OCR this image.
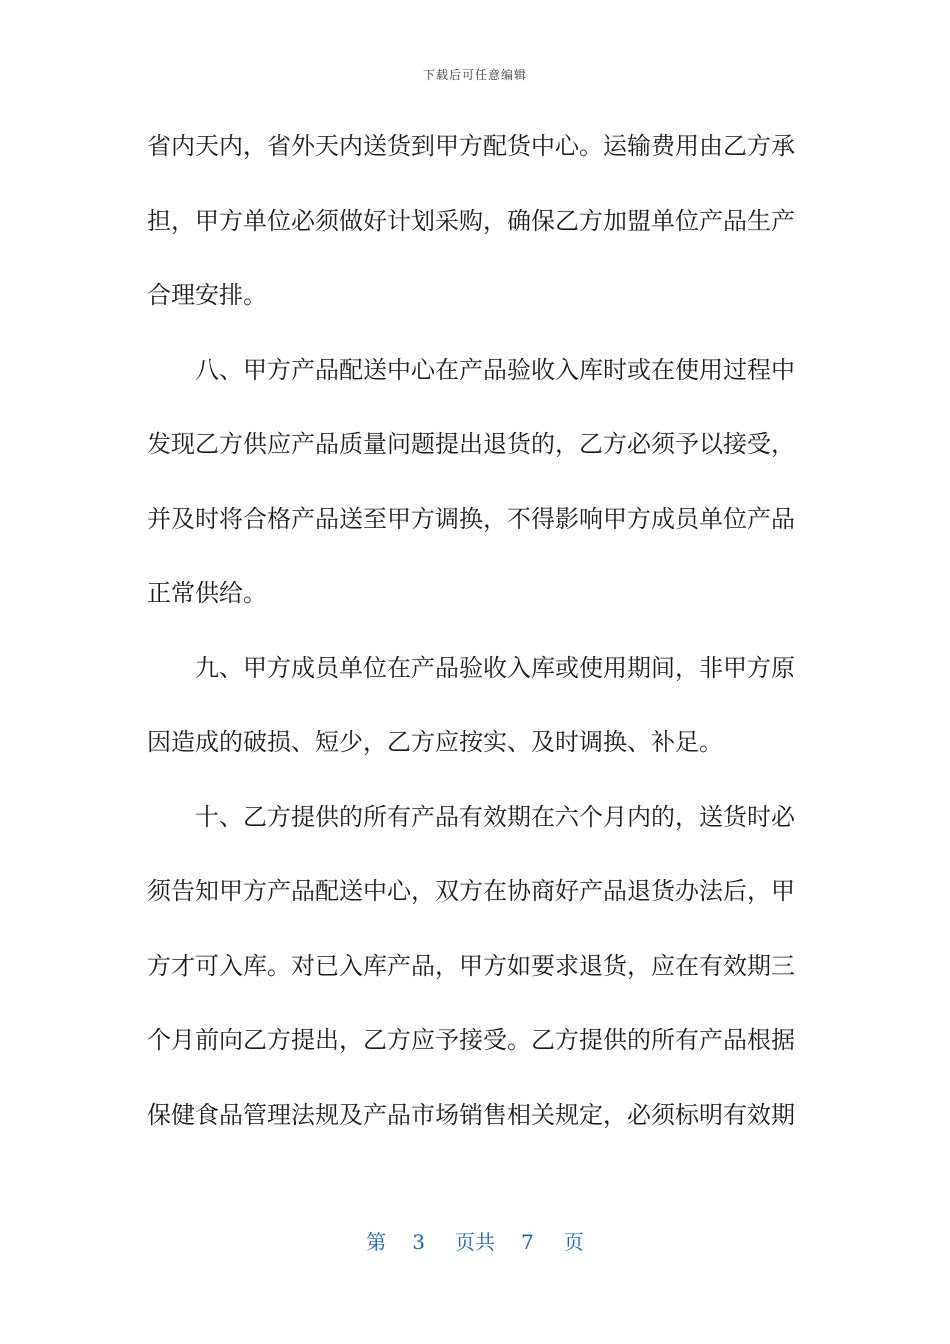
下载后可任意编辑
省内天内，省外天内送货到甲方配货中心。运输费用由乙方承
担，甲方单位必须做好计划采购，确保乙方加盟单位产品生产
合理安排。
八、甲方产品配送中心在产品验收入库时或在使用过程中
发现乙方供应产品质量问题提出退货的，乙方必须予以接受，
并及时将合格产品送至甲方调换，不得影响甲方成员单位产品
正常供给。
九、甲方成员单位在产品验收入库或使用期间，非甲方原
因造成的破损、短少，乙方应按实、及时调换、补足。
十、乙方提供的所有产品有效期在六个月内的，送货时必
须告知甲方产品配送中心，双方在协商好产品退货办法后，甲
方才可入库。对已入库产品，甲方如要求退货，应在有效期三
个月前向乙方提出，乙方应予接受。乙方提供的所有产品根据
保健食品管理法规及产品市场销售相关规定，必须标明有效期
第 3 页共 7 页
